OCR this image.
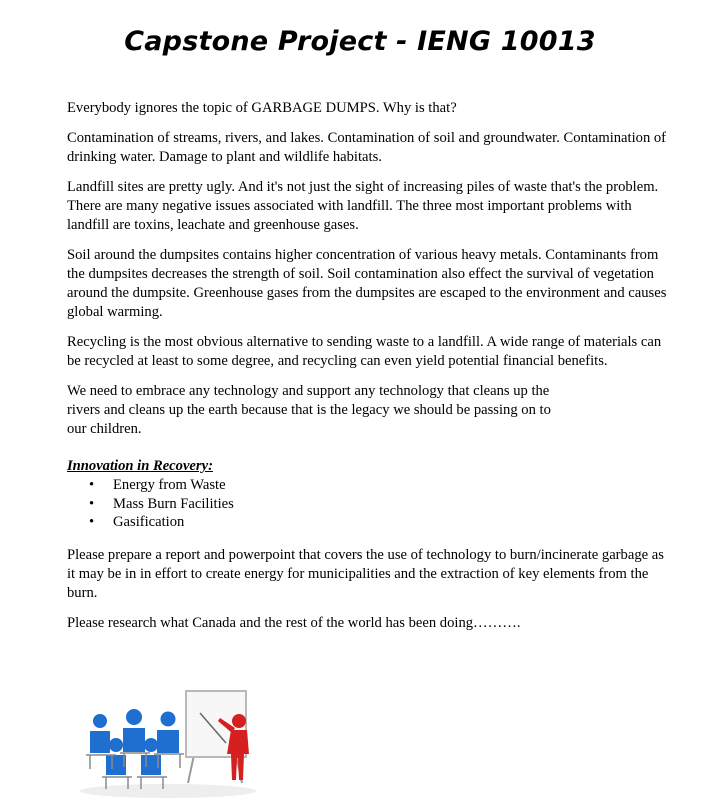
Capstone Project - IENG 10013

Everybody ignores the topic of GARBAGE DUMPS. Why is that?

Contamination of streams, rivers, and lakes. Contamination of soil and groundwater. Contamination of drinking water. Damage to plant and wildlife habitats.

Landfill sites are pretty ugly. And it's not just the sight of increasing piles of waste that's the problem. There are many negative issues associated with landfill. The three most important problems with landfill are toxins, leachate and greenhouse gases.

Soil around the dumpsites contains higher concentration of various heavy metals. Contaminants from the dumpsites decreases the strength of soil. Soil contamination also effect the survival of vegetation around the dumpsite. Greenhouse gases from the dumpsites are escaped to the environment and causes global warming.

Recycling is the most obvious alternative to sending waste to a landfill. A wide range of materials can be recycled at least to some degree, and recycling can even yield potential financial benefits.

We need to embrace any technology and support any technology that cleans up the rivers and cleans up the earth because that is the legacy we should be passing on to our children.

Innovation in Recovery:
• Energy from Waste
• Mass Burn Facilities
• Gasification

Please prepare a report and powerpoint that covers the use of technology to burn/incinerate garbage as it may be in in effort to create energy for municipalities and the extraction of key elements from the burn.

Please research what Canada and the rest of the world has been doing……….
